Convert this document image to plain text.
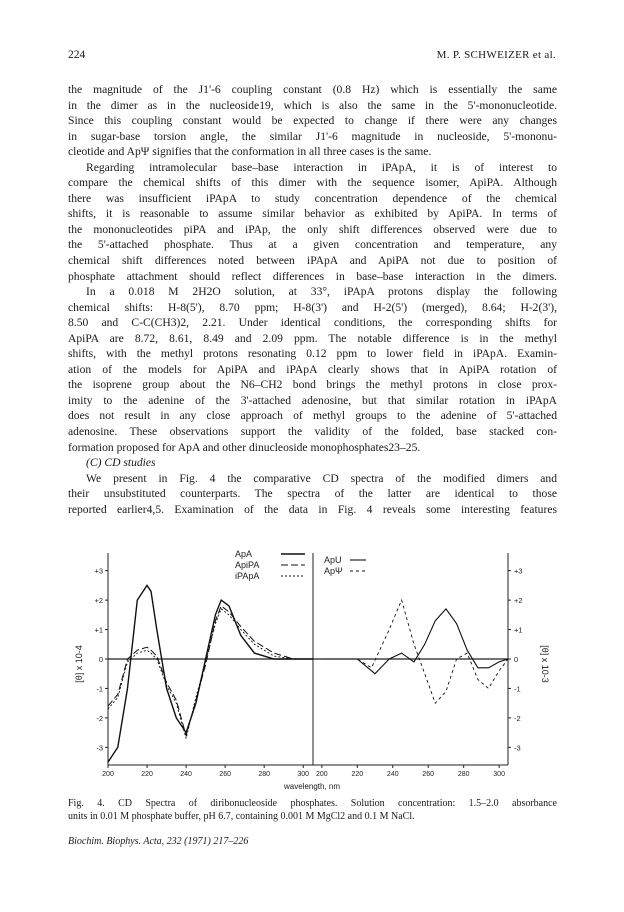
224	M. P. SCHWEIZER et al.
the magnitude of the J1'-6 coupling constant (0.8 Hz) which is essentially the same
in the dimer as in the nucleoside19, which is also the same in the 5'-mononucleotide.
Since this coupling constant would be expected to change if there were any changes
in sugar-base torsion angle, the similar J1'-6 magnitude in nucleoside, 5'-mononu-
cleotide and ApΨ signifies that the conformation in all three cases is the same.
Regarding intramolecular base–base interaction in iPApA, it is of interest to
compare the chemical shifts of this dimer with the sequence isomer, ApiPA. Although
there was insufficient iPApA to study concentration dependence of the chemical
shifts, it is reasonable to assume similar behavior as exhibited by ApiPA. In terms of
the mononucleotides piPA and iPAp, the only shift differences observed were due to
the 5'-attached phosphate. Thus at a given concentration and temperature, any
chemical shift differences noted between iPApA and ApiPA not due to position of
phosphate attachment should reflect differences in base–base interaction in the dimers.
In a 0.018 M 2H2O solution, at 33°, iPApA protons display the following
chemical shifts: H-8(5'), 8.70 ppm; H-8(3') and H-2(5') (merged), 8.64; H-2(3'),
8.50 and C-C(CH3)2, 2.21. Under identical conditions, the corresponding shifts for
ApiPA are 8.72, 8.61, 8.49 and 2.09 ppm. The notable difference is in the methyl
shifts, with the methyl protons resonating 0.12 ppm to lower field in iPApA. Examin-
ation of the models for ApiPA and iPApA clearly shows that in ApiPA rotation of
the isoprene group about the N6–CH2 bond brings the methyl protons in close prox-
imity to the adenine of the 3'-attached adenosine, but that similar rotation in iPApA
does not result in any close approach of methyl groups to the adenine of 5'-attached
adenosine. These observations support the validity of the folded, base stacked con-
formation proposed for ApA and other dinucleoside monophosphates23–25.
(C) CD studies
We present in Fig. 4 the comparative CD spectra of the modified dimers and
their unsubstituted counterparts. The spectra of the latter are identical to those
reported earlier4,5. Examination of the data in Fig. 4 reveals some interesting features
200	220	240	260	280	300 200	220	240	260	280	300
+3
+2
+1
0
-1
-2
-3
+3
+2
+1
0
-1
-2
-3
ApA
ApiPA
iPApA
ApU
ApΨ
[θ] x 10-4	[θ] x 10-3
wavelength, nm
Fig. 4. CD Spectra of diribonucleoside phosphates. Solution concentration: 1.5–2.0 absorbance
units in 0.01 M phosphate buffer, pH 6.7, containing 0.001 M MgCl2 and 0.1 M NaCl.
Biochim. Biophys. Acta, 232 (1971) 217–226
